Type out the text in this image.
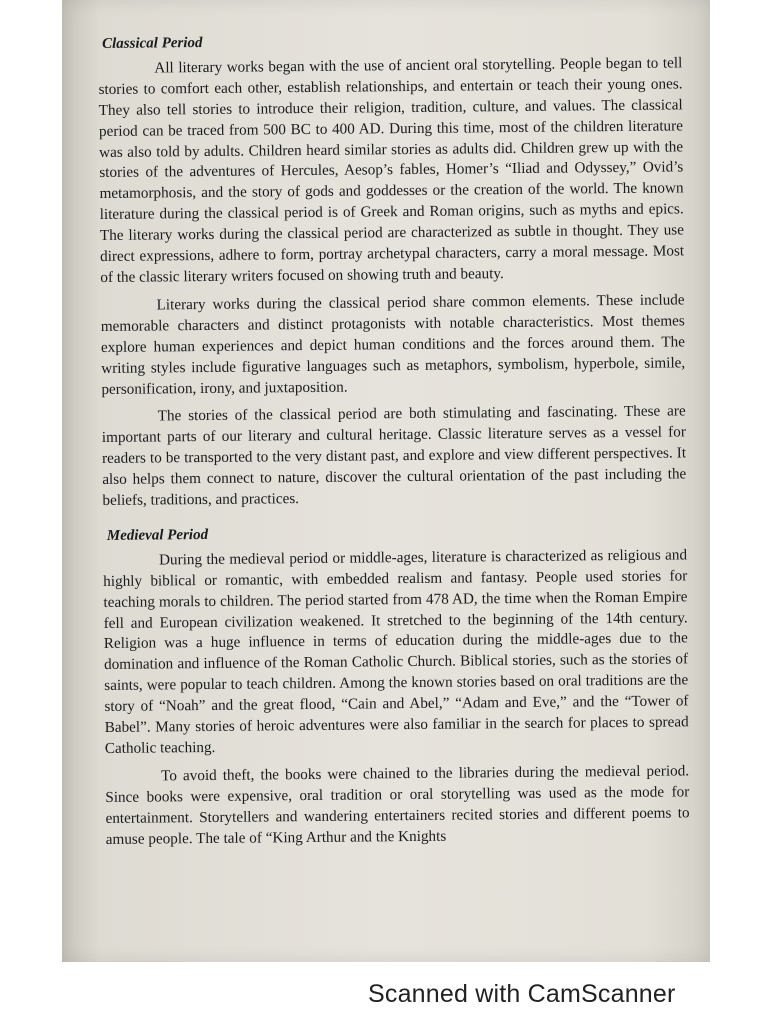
Classical Period

All literary works began with the use of ancient oral storytelling. People began to tell stories to comfort each other, establish relationships, and entertain or teach their young ones. They also tell stories to introduce their religion, tradition, culture, and values. The classical period can be traced from 500 BC to 400 AD. During this time, most of the children literature was also told by adults. Children heard similar stories as adults did. Children grew up with the stories of the adventures of Hercules, Aesop’s fables, Homer’s “Iliad and Odyssey,” Ovid’s metamorphosis, and the story of gods and goddesses or the creation of the world. The known literature during the classical period is of Greek and Roman origins, such as myths and epics. The literary works during the classical period are characterized as subtle in thought. They use direct expressions, adhere to form, portray archetypal characters, carry a moral message. Most of the classic literary writers focused on showing truth and beauty.

Literary works during the classical period share common elements. These include memorable characters and distinct protagonists with notable characteristics. Most themes explore human experiences and depict human conditions and the forces around them. The writing styles include figurative languages such as metaphors, symbolism, hyperbole, simile, personification, irony, and juxtaposition.

The stories of the classical period are both stimulating and fascinating. These are important parts of our literary and cultural heritage. Classic literature serves as a vessel for readers to be transported to the very distant past, and explore and view different perspectives. It also helps them connect to nature, discover the cultural orientation of the past including the beliefs, traditions, and practices.

Medieval Period

During the medieval period or middle-ages, literature is characterized as religious and highly biblical or romantic, with embedded realism and fantasy. People used stories for teaching morals to children. The period started from 478 AD, the time when the Roman Empire fell and European civilization weakened. It stretched to the beginning of the 14th century. Religion was a huge influence in terms of education during the middle-ages due to the domination and influence of the Roman Catholic Church. Biblical stories, such as the stories of saints, were popular to teach children. Among the known stories based on oral traditions are the story of “Noah” and the great flood, “Cain and Abel,” “Adam and Eve,” and the “Tower of Babel”. Many stories of heroic adventures were also familiar in the search for places to spread Catholic teaching.

To avoid theft, the books were chained to the libraries during the medieval period. Since books were expensive, oral tradition or oral storytelling was used as the mode for entertainment. Storytellers and wandering entertainers recited stories and different poems to amuse people. The tale of “King Arthur and the Knights

Scanned with CamScanner
